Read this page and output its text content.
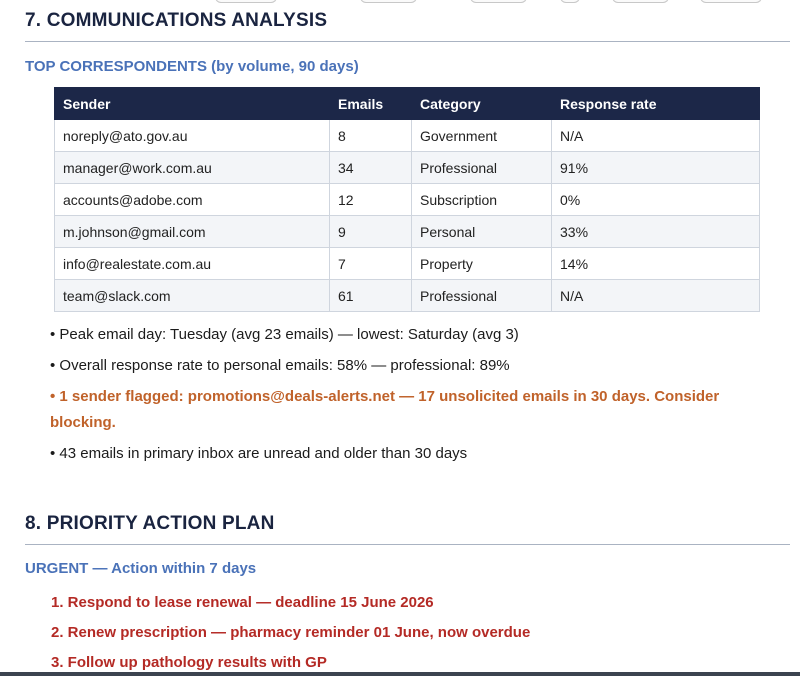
7. COMMUNICATIONS ANALYSIS
TOP CORRESPONDENTS (by volume, 90 days)
Sender	Emails	Category	Response rate
noreply@ato.gov.au	8	Government	N/A
manager@work.com.au	34	Professional	91%
accounts@adobe.com	12	Subscription	0%
m.johnson@gmail.com	9	Personal	33%
info@realestate.com.au	7	Property	14%
team@slack.com	61	Professional	N/A
• Peak email day: Tuesday (avg 23 emails) — lowest: Saturday (avg 3)
• Overall response rate to personal emails: 58% — professional: 89%
• 1 sender flagged: promotions@deals-alerts.net — 17 unsolicited emails in 30 days. Consider blocking.
• 43 emails in primary inbox are unread and older than 30 days
8. PRIORITY ACTION PLAN
URGENT — Action within 7 days
1. Respond to lease renewal — deadline 15 June 2026
2. Renew prescription — pharmacy reminder 01 June, now overdue
3. Follow up pathology results with GP
